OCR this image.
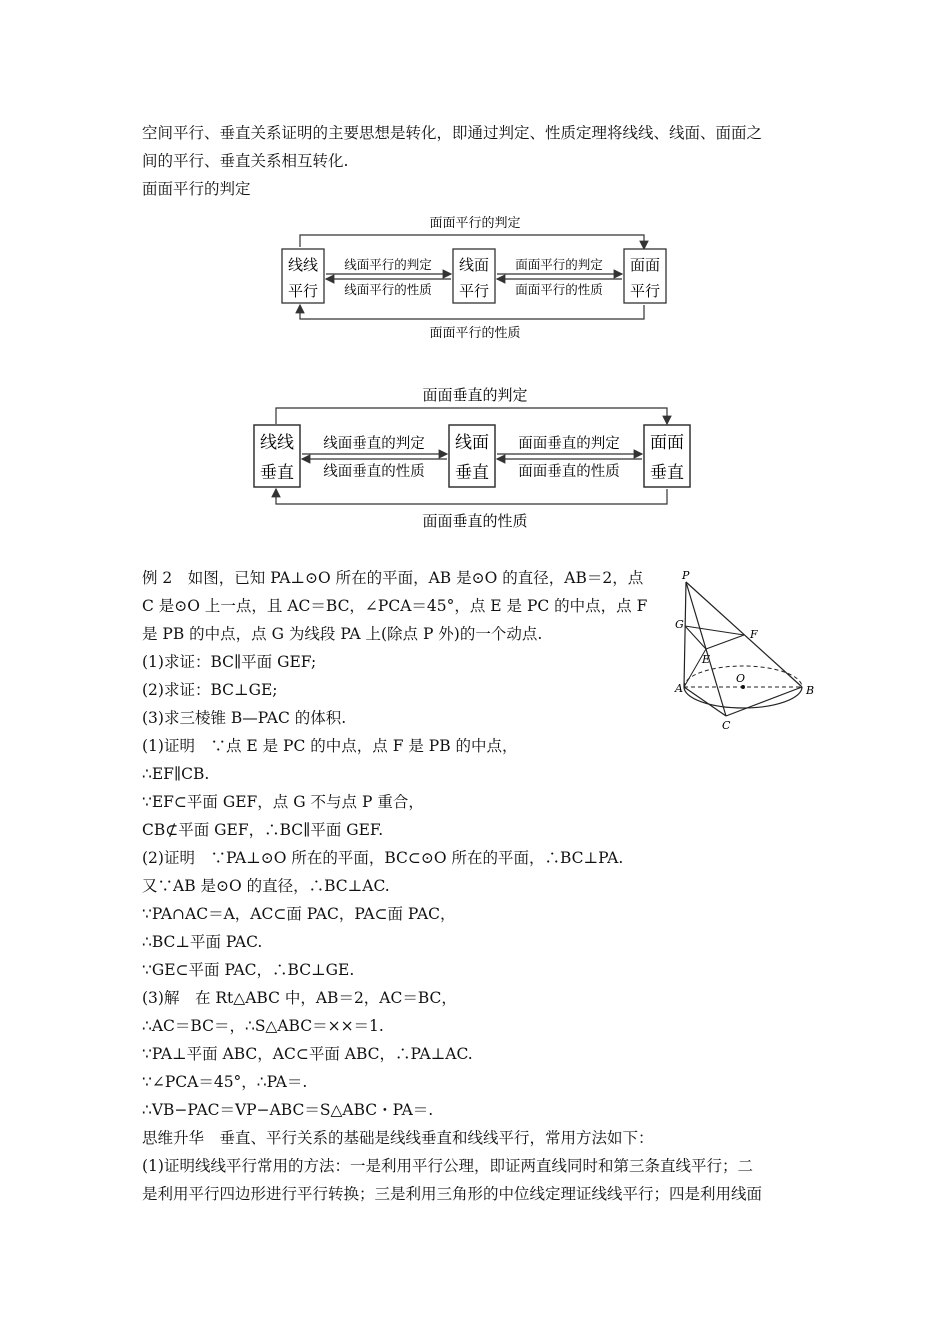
空间平行、垂直关系证明的主要思想是转化，即通过判定、性质定理将线线、线面、面面之
间的平行、垂直关系相互转化.
面面平行的判定
面面平行的判定
线线
平行
线面
平行
面面
平行
线面平行的判定
线面平行的性质
面面平行的判定
面面平行的性质
面面平行的性质
面面垂直的判定
线线
垂直
线面
垂直
面面
垂直
线面垂直的判定
线面垂直的性质
面面垂直的判定
面面垂直的性质
面面垂直的性质
例 2　如图，已知 PA⊥⊙O 所在的平面，AB 是⊙O 的直径，AB＝2，点
C 是⊙O 上一点，且 AC＝BC，∠PCA＝45°，点 E 是 PC 的中点，点 F
是 PB 的中点，点 G 为线段 PA 上(除点 P 外)的一个动点.
(1)求证：BC∥平面 GEF;
(2)求证：BC⊥GE;
(3)求三棱锥 B—PAC 的体积.
(1)证明　∵点 E 是 PC 的中点，点 F 是 PB 的中点，
∴EF∥CB.
∵EF⊂平面 GEF，点 G 不与点 P 重合，
CB⊄平面 GEF，∴BC∥平面 GEF.
(2)证明　∵PA⊥⊙O 所在的平面，BC⊂⊙O 所在的平面，∴BC⊥PA.
又∵AB 是⊙O 的直径，∴BC⊥AC.
∵PA∩AC＝A，AC⊂面 PAC，PA⊂面 PAC，
∴BC⊥平面 PAC.
∵GE⊂平面 PAC，∴BC⊥GE.
(3)解　在 Rt△ABC 中，AB＝2，AC＝BC，
∴AC＝BC＝，∴S△ABC＝××＝1.
∵PA⊥平面 ABC，AC⊂平面 ABC，∴PA⊥AC.
∵∠PCA＝45°，∴PA＝.
∴VB−PAC＝VP−ABC＝S△ABC・PA＝.
思维升华　垂直、平行关系的基础是线线垂直和线线平行，常用方法如下：
(1)证明线线平行常用的方法：一是利用平行公理，即证两直线同时和第三条直线平行；二
是利用平行四边形进行平行转换；三是利用三角形的中位线定理证线线平行；四是利用线面
P
G
F
E
A
O
B
C
